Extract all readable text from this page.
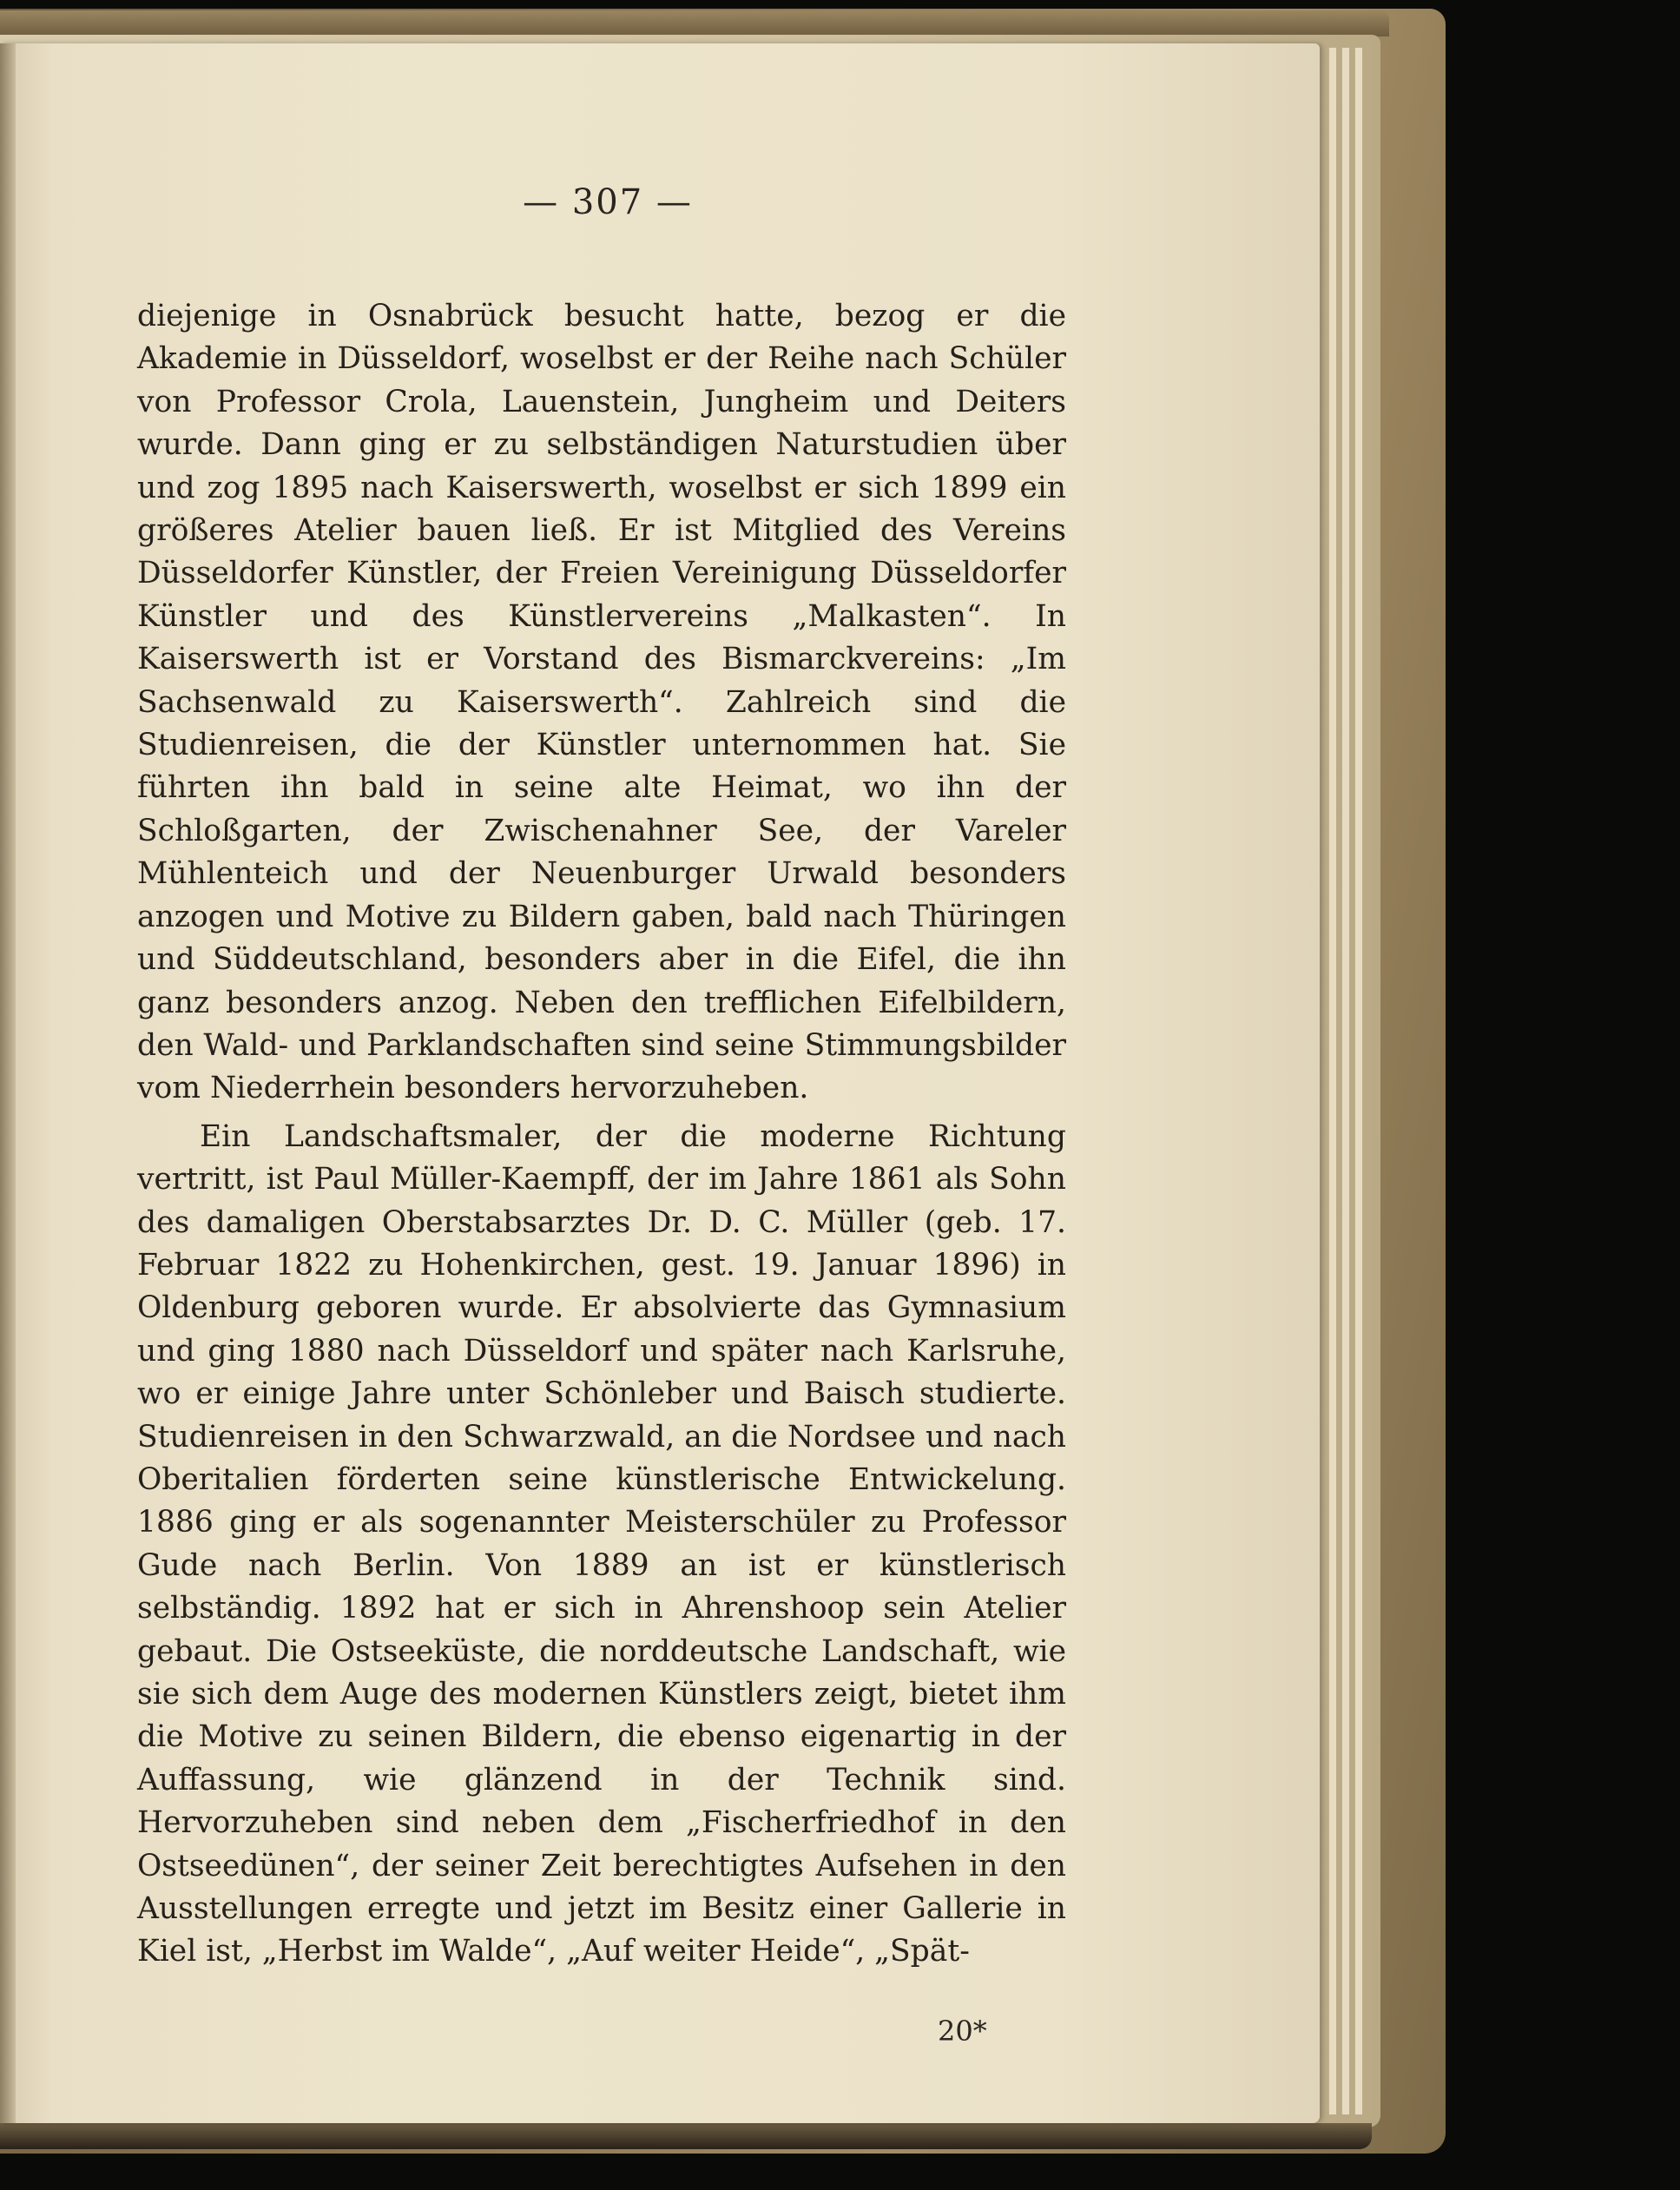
— 307 —

diejenige in Osnabrück besucht hatte, bezog er die Akademie in Düsseldorf, woselbst er der Reihe nach Schüler von Professor Crola, Lauenstein, Jungheim und Deiters wurde. Dann ging er zu selbständigen Naturstudien über und zog 1895 nach Kaiserswerth, woselbst er sich 1899 ein größeres Atelier bauen ließ. Er ist Mitglied des Vereins Düsseldorfer Künstler, der Freien Vereinigung Düsseldorfer Künstler und des Künstlervereins „Malkasten“. In Kaiserswerth ist er Vorstand des Bismarckvereins: „Im Sachsenwald zu Kaiserswerth“. Zahlreich sind die Studienreisen, die der Künstler unternommen hat. Sie führten ihn bald in seine alte Heimat, wo ihn der Schloßgarten, der Zwischenahner See, der Vareler Mühlenteich und der Neuenburger Urwald besonders anzogen und Motive zu Bildern gaben, bald nach Thüringen und Süddeutschland, besonders aber in die Eifel, die ihn ganz besonders anzog. Neben den trefflichen Eifelbildern, den Wald- und Parklandschaften sind seine Stimmungsbilder vom Niederrhein besonders hervorzuheben.

Ein Landschaftsmaler, der die moderne Richtung vertritt, ist Paul Müller-Kaempff, der im Jahre 1861 als Sohn des damaligen Oberstabsarztes Dr. D. C. Müller (geb. 17. Februar 1822 zu Hohenkirchen, gest. 19. Januar 1896) in Oldenburg geboren wurde. Er absolvierte das Gymnasium und ging 1880 nach Düsseldorf und später nach Karlsruhe, wo er einige Jahre unter Schönleber und Baisch studierte. Studienreisen in den Schwarzwald, an die Nordsee und nach Oberitalien förderten seine künstlerische Entwickelung. 1886 ging er als sogenannter Meisterschüler zu Professor Gude nach Berlin. Von 1889 an ist er künstlerisch selbständig. 1892 hat er sich in Ahrenshoop sein Atelier gebaut. Die Ostseeküste, die norddeutsche Landschaft, wie sie sich dem Auge des modernen Künstlers zeigt, bietet ihm die Motive zu seinen Bildern, die ebenso eigenartig in der Auffassung, wie glänzend in der Technik sind. Hervorzuheben sind neben dem „Fischerfriedhof in den Ostseedünen“, der seiner Zeit berechtigtes Aufsehen in den Ausstellungen erregte und jetzt im Besitz einer Gallerie in Kiel ist, „Herbst im Walde“, „Auf weiter Heide“, „Spät-

20*
